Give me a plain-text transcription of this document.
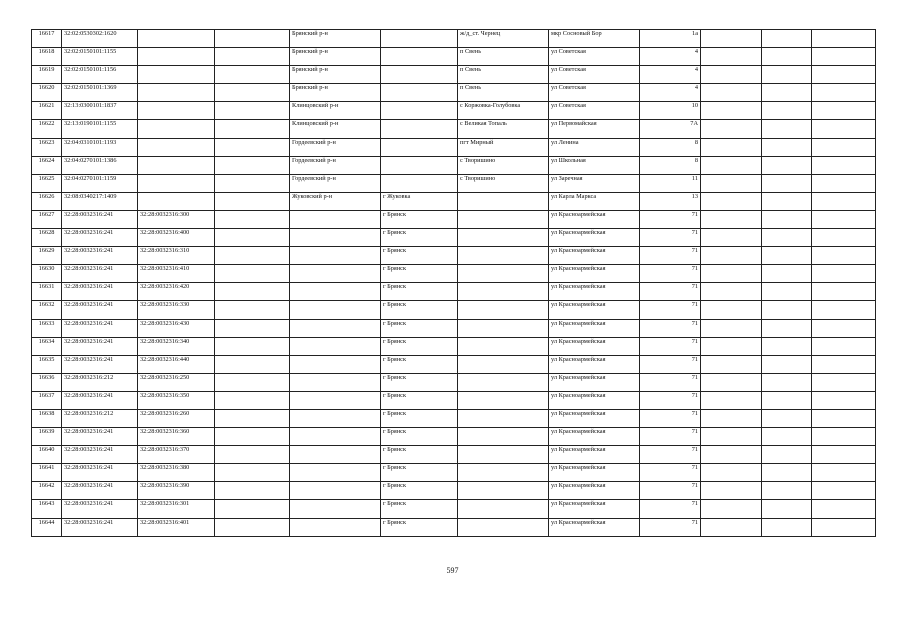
16617	32:02:0530302:1620			Брянский р-н		ж/д_ст. Чернец	мкр Сосновый Бор	1а			
16618	32:02:0150101:1155			Брянский р-н		п Свень	ул Советская	4			
16619	32:02:0150101:1156			Брянский р-н		п Свень	ул Советская	4			
16620	32:02:0150101:1369			Брянский р-н		п Свень	ул Советская	4			
16621	32:13:0300101:1837			Клинцовский р-н		с Коржовка-Голубовка	ул Советская	10			
16622	32:13:0190101:1155			Клинцовский р-н		с Великая Топаль	ул Первомайская	7А			
16623	32:04:0310101:1193			Гордеевский р-н		пгт Мирный	ул Ленина	8			
16624	32:04:0270101:1386			Гордеевский р-н		с Творишино	ул Школьная	8			
16625	32:04:0270101:1159			Гордеевский р-н		с Творишино	ул Заречная	11			
16626	32:08:0340217:1409			Жуковский р-н	г Жуковка		ул Карла Маркса	13			
16627	32:28:0032316:241	32:28:0032316:300			г Брянск		ул Красноармейская	71			
16628	32:28:0032316:241	32:28:0032316:400			г Брянск		ул Красноармейская	71			
16629	32:28:0032316:241	32:28:0032316:310			г Брянск		ул Красноармейская	71			
16630	32:28:0032316:241	32:28:0032316:410			г Брянск		ул Красноармейская	71			
16631	32:28:0032316:241	32:28:0032316:420			г Брянск		ул Красноармейская	71			
16632	32:28:0032316:241	32:28:0032316:330			г Брянск		ул Красноармейская	71			
16633	32:28:0032316:241	32:28:0032316:430			г Брянск		ул Красноармейская	71			
16634	32:28:0032316:241	32:28:0032316:340			г Брянск		ул Красноармейская	71			
16635	32:28:0032316:241	32:28:0032316:440			г Брянск		ул Красноармейская	71			
16636	32:28:0032316:212	32:28:0032316:250			г Брянск		ул Красноармейская	71			
16637	32:28:0032316:241	32:28:0032316:350			г Брянск		ул Красноармейская	71			
16638	32:28:0032316:212	32:28:0032316:260			г Брянск		ул Красноармейская	71			
16639	32:28:0032316:241	32:28:0032316:360			г Брянск		ул Красноармейская	71			
16640	32:28:0032316:241	32:28:0032316:370			г Брянск		ул Красноармейская	71			
16641	32:28:0032316:241	32:28:0032316:380			г Брянск		ул Красноармейская	71			
16642	32:28:0032316:241	32:28:0032316:390			г Брянск		ул Красноармейская	71			
16643	32:28:0032316:241	32:28:0032316:301			г Брянск		ул Красноармейская	71			
16644	32:28:0032316:241	32:28:0032316:401			г Брянск		ул Красноармейская	71			
597
